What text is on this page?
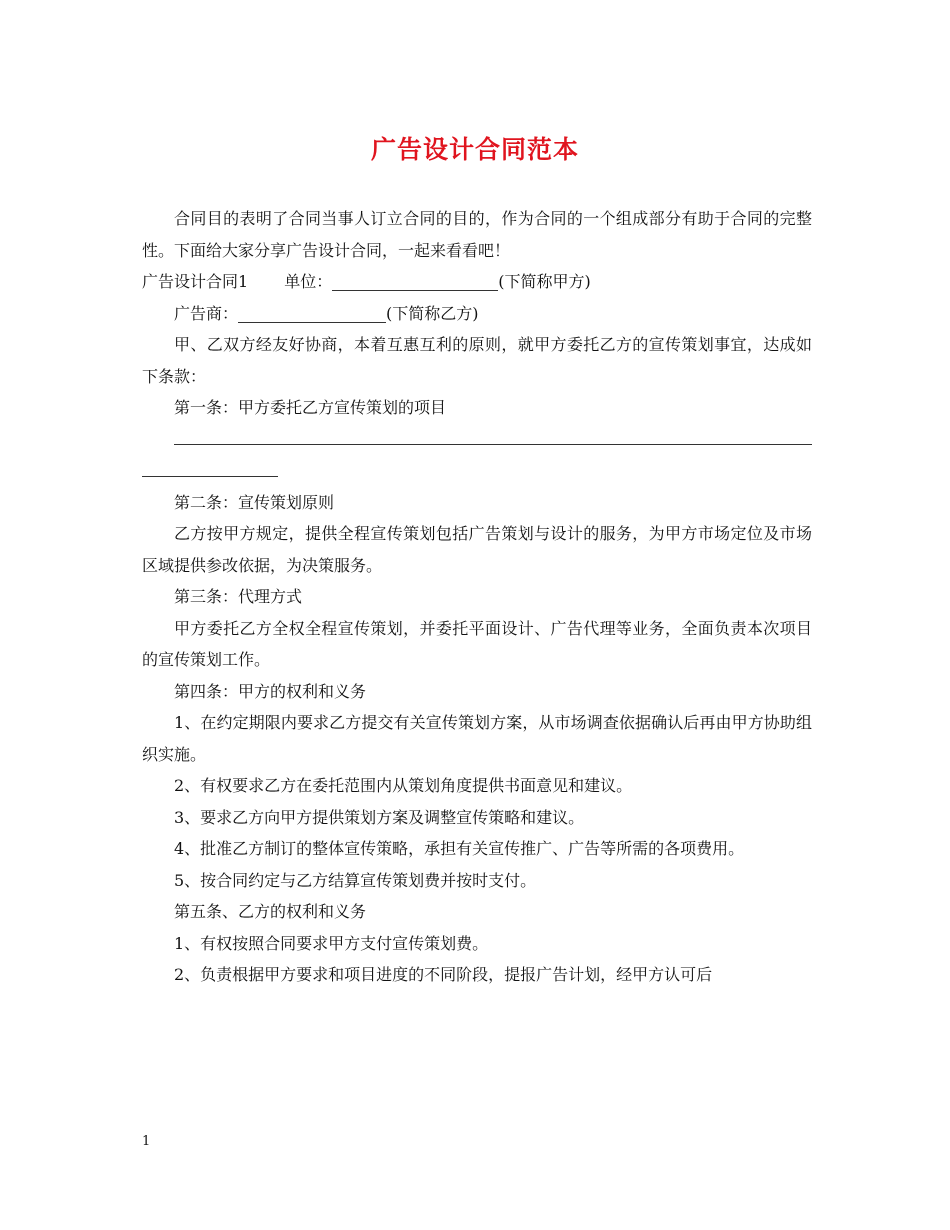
广告设计合同范本

合同目的表明了合同当事人订立合同的目的，作为合同的一个组成部分有助于合同的完整性。下面给大家分享广告设计合同，一起来看看吧！

广告设计合同1 单位：	(下简称甲方)

广告商：	(下简称乙方)

甲、乙双方经友好协商，本着互惠互利的原则，就甲方委托乙方的宣传策划事宜，达成如下条款：

第一条：甲方委托乙方宣传策划的项目

第二条：宣传策划原则

乙方按甲方规定，提供全程宣传策划包括广告策划与设计的服务，为甲方市场定位及市场区域提供参改依据，为决策服务。

第三条：代理方式

甲方委托乙方全权全程宣传策划，并委托平面设计、广告代理等业务，全面负责本次项目的宣传策划工作。

第四条：甲方的权利和义务

1、在约定期限内要求乙方提交有关宣传策划方案，从市场调查依据确认后再由甲方协助组织实施。

2、有权要求乙方在委托范围内从策划角度提供书面意见和建议。

3、要求乙方向甲方提供策划方案及调整宣传策略和建议。

4、批准乙方制订的整体宣传策略，承担有关宣传推广、广告等所需的各项费用。

5、按合同约定与乙方结算宣传策划费并按时支付。

第五条、乙方的权利和义务

1、有权按照合同要求甲方支付宣传策划费。

2、负责根据甲方要求和项目进度的不同阶段，提报广告计划，经甲方认可后

1
